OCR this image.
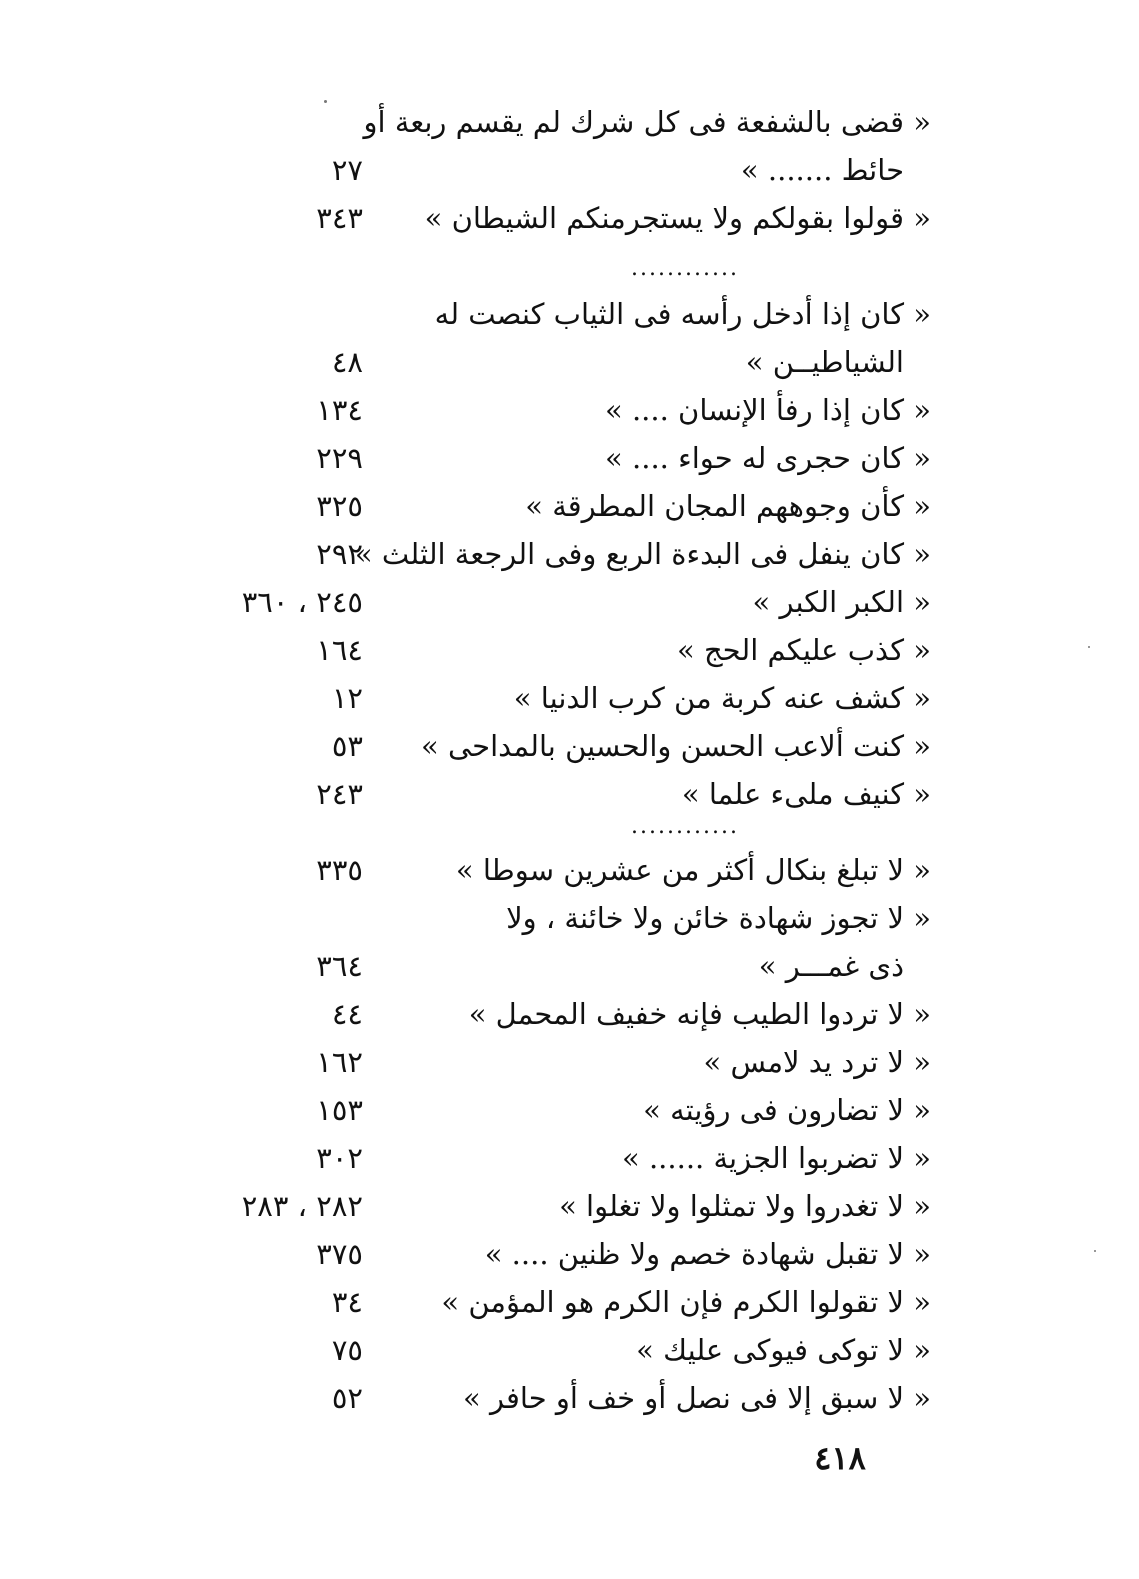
« قضى بالشفعة فى كل شرك لم يقسم ربعة أو
حائط ....... »
٢٧
« قولوا بقولكم ولا يستجرمنكم الشيطان »
٣٤٣
............
« كان إذا أدخل رأسه فى الثياب كنصت له
الشياطيــن »
٤٨
« كان إذا رفأ الإنسان .... »
١٣٤
« كان حجرى له حواء .... »
٢٢٩
« كأن وجوههم المجان المطرقة »
٣٢٥
« كان ينفل فى البدءة الربع وفى الرجعة الثلث »
٢٩٢
« الكبر الكبر »
٢٤٥ ، ٣٦٠
« كذب عليكم الحج »
١٦٤
« كشف عنه كربة من كرب الدنيا »
١٢
« كنت ألاعب الحسن والحسين بالمداحى »
٥٣
« كنيف ملىء علما »
٢٤٣
............
« لا تبلغ بنكال أكثر من عشرين سوطا »
٣٣٥
« لا تجوز شهادة خائن ولا خائنة ، ولا
ذى غمـــر »
٣٦٤
« لا تردوا الطيب فإنه خفيف المحمل »
٤٤
« لا ترد يد لامس »
١٦٢
« لا تضارون فى رؤيته »
١٥٣
« لا تضربوا الجزية ...... »
٣٠٢
« لا تغدروا ولا تمثلوا ولا تغلوا »
٢٨٢ ، ٢٨٣
« لا تقبل شهادة خصم ولا ظنين .... »
٣٧٥
« لا تقولوا الكرم فإن الكرم هو المؤمن »
٣٤
« لا توكى فيوكى عليك »
٧٥
« لا سبق إلا فى نصل أو خف أو حافر »
٥٢
٤١٨
